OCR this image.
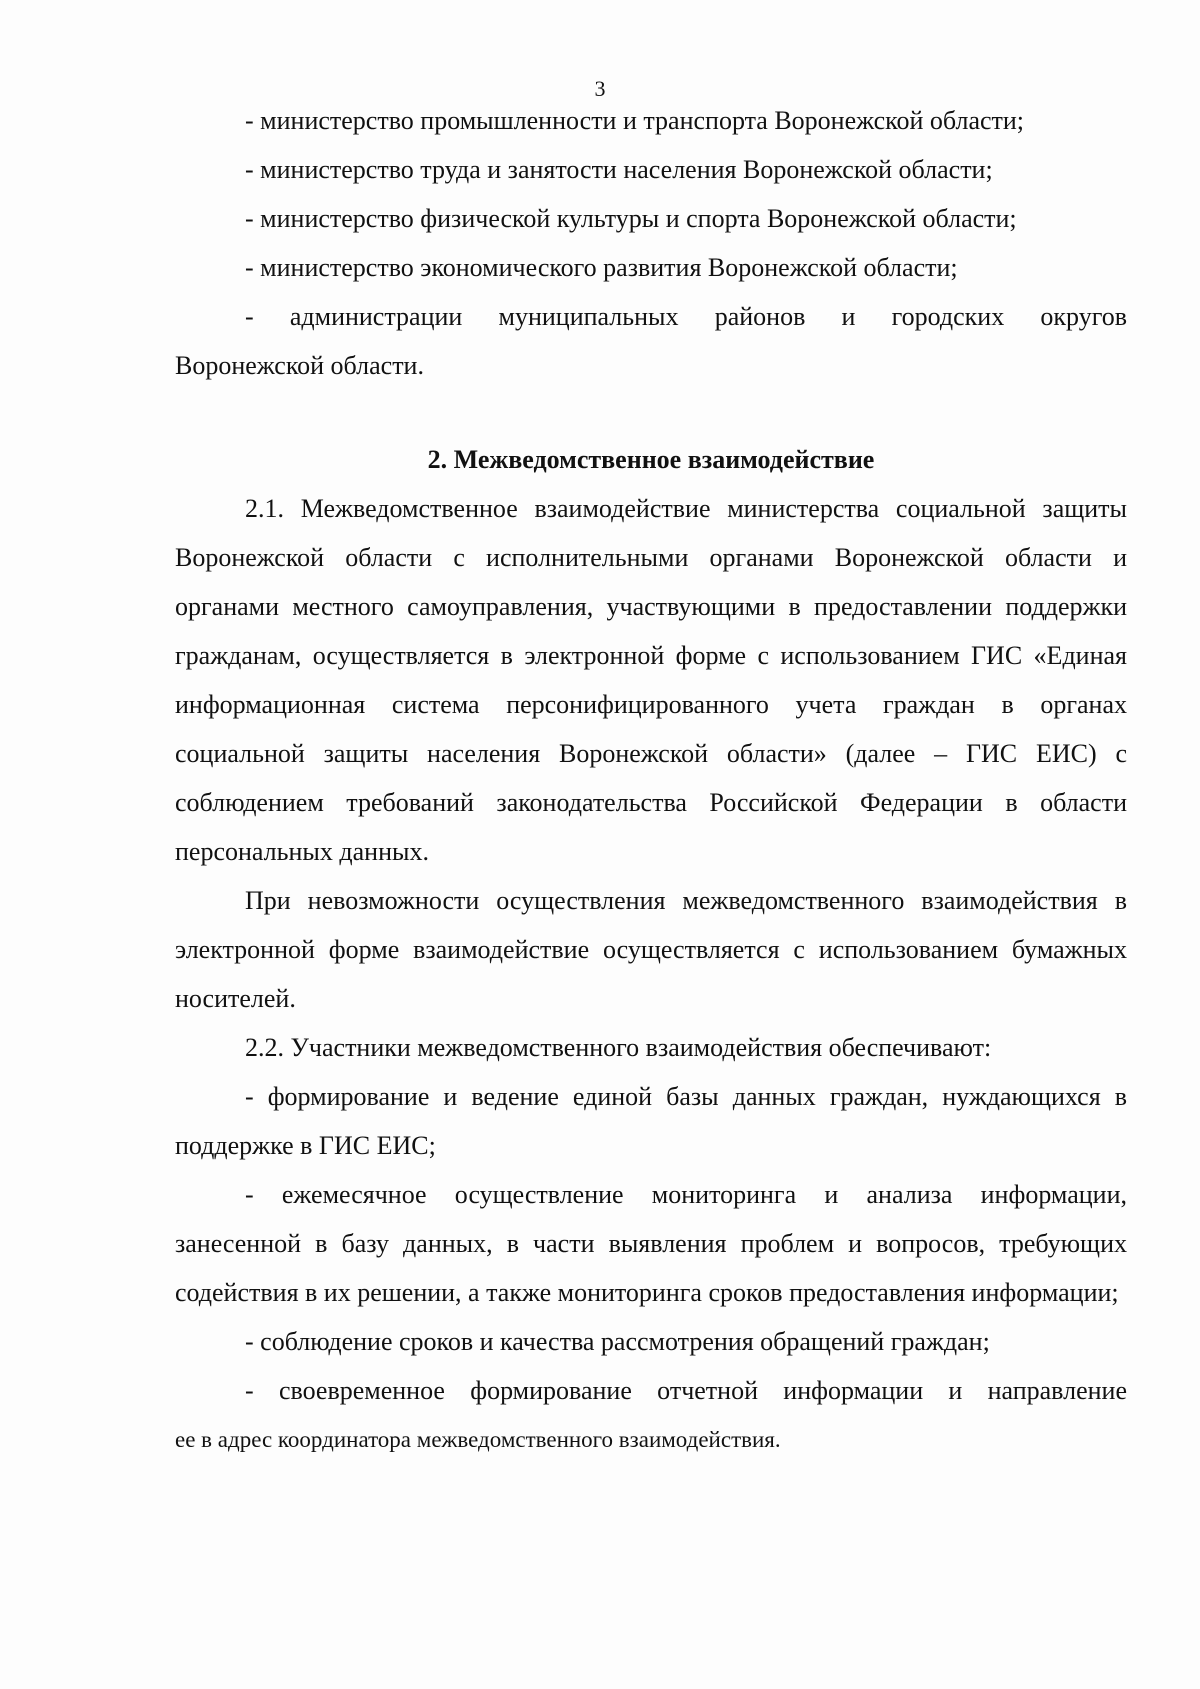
3

- министерство промышленности и транспорта Воронежской области;

- министерство труда и занятости населения Воронежской области;

- министерство физической культуры и спорта Воронежской области;

- министерство экономического развития Воронежской области;

- администрации муниципальных районов и городских округов

Воронежской области.

2. Межведомственное взаимодействие

2.1. Межведомственное взаимодействие министерства социальной защиты Воронежской области с исполнительными органами Воронежской области и органами местного самоуправления, участвующими в предоставлении поддержки гражданам, осуществляется в электронной форме с использованием ГИС «Единая информационная система персонифицированного учета граждан в органах социальной защиты населения Воронежской области» (далее – ГИС ЕИС) с соблюдением требований законодательства Российской Федерации в области персональных данных.

При невозможности осуществления межведомственного взаимодействия в электронной форме взаимодействие осуществляется с использованием бумажных носителей.

2.2. Участники межведомственного взаимодействия обеспечивают:

- формирование и ведение единой базы данных граждан, нуждающихся в поддержке в ГИС ЕИС;

- ежемесячное осуществление мониторинга и анализа информации, занесенной в базу данных, в части выявления проблем и вопросов, требующих содействия в их решении, а также мониторинга сроков предоставления информации;

- соблюдение сроков и качества рассмотрения обращений граждан;

- своевременное формирование отчетной информации и направление

ее в адрес координатора межведомственного взаимодействия.
